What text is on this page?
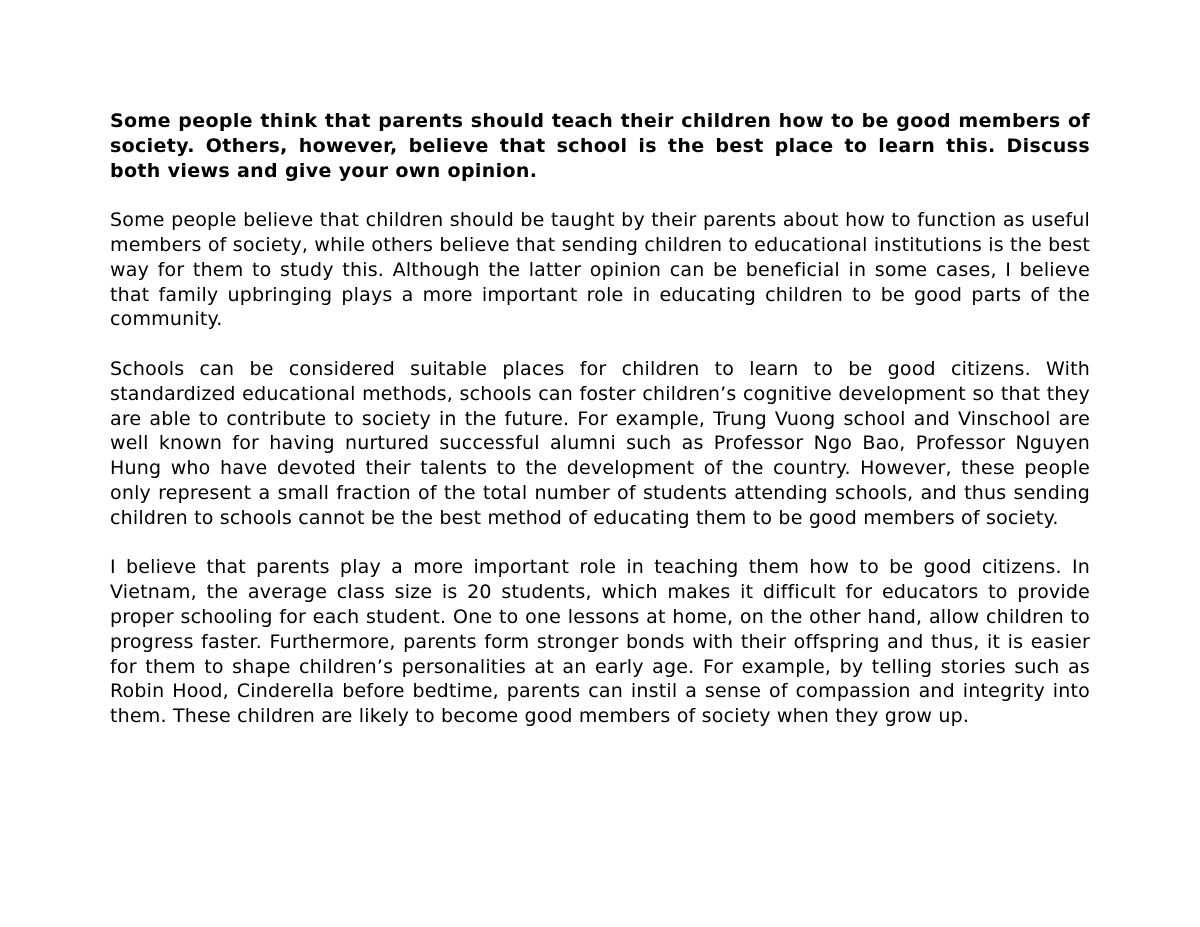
Some people think that parents should teach their children how to be good members of society. Others, however, believe that school is the best place to learn this. Discuss both views and give your own opinion.

Some people believe that children should be taught by their parents about how to function as useful members of society, while others believe that sending children to educational institutions is the best way for them to study this. Although the latter opinion can be beneficial in some cases, I believe that family upbringing plays a more important role in educating children to be good parts of the community.

Schools can be considered suitable places for children to learn to be good citizens. With standardized educational methods, schools can foster children’s cognitive development so that they are able to contribute to society in the future. For example, Trung Vuong school and Vinschool are well known for having nurtured successful alumni such as Professor Ngo Bao, Professor Nguyen Hung who have devoted their talents to the development of the country. However, these people only represent a small fraction of the total number of students attending schools, and thus sending children to schools cannot be the best method of educating them to be good members of society.

I believe that parents play a more important role in teaching them how to be good citizens. In Vietnam, the average class size is 20 students, which makes it difficult for educators to provide proper schooling for each student. One to one lessons at home, on the other hand, allow children to progress faster. Furthermore, parents form stronger bonds with their offspring and thus, it is easier for them to shape children’s personalities at an early age. For example, by telling stories such as Robin Hood, Cinderella before bedtime, parents can instil a sense of compassion and integrity into them. These children are likely to become good members of society when they grow up.
